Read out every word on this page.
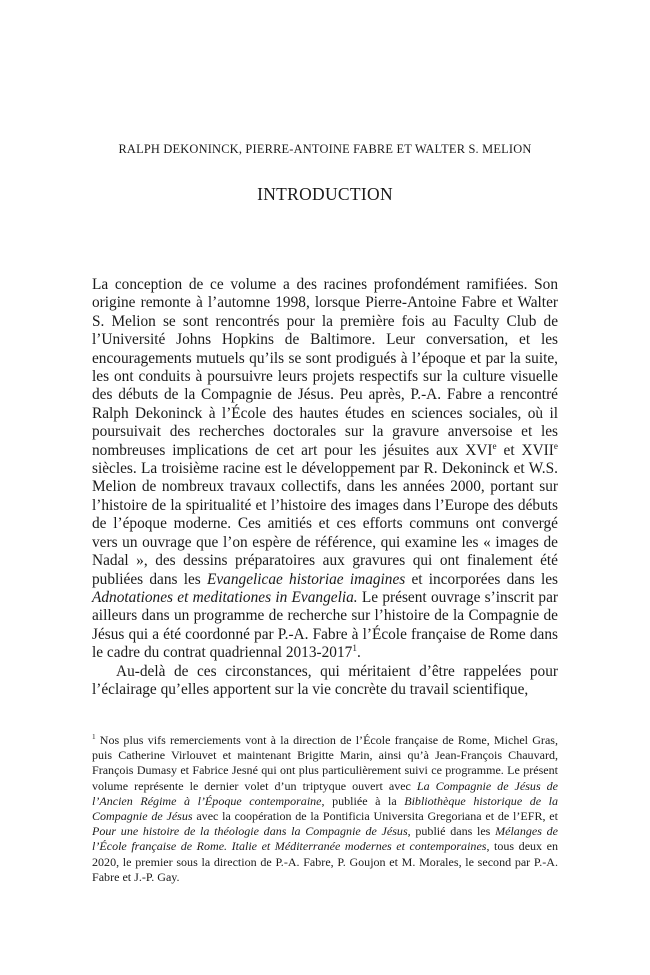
RALPH DEKONINCK, PIERRE-ANTOINE FABRE ET WALTER S. MELION
INTRODUCTION

La conception de ce volume a des racines profondément ramifiées. Son origine remonte à l’automne 1998, lorsque Pierre-Antoine Fabre et Walter S. Melion se sont rencontrés pour la première fois au Faculty Club de l’Université Johns Hopkins de Baltimore. Leur conversation, et les encouragements mutuels qu’ils se sont prodigués à l’époque et par la suite, les ont conduits à poursuivre leurs projets respectifs sur la culture visuelle des débuts de la Compagnie de Jésus. Peu après, P.-A. Fabre a rencontré Ralph Dekoninck à l’École des hautes études en sciences sociales, où il poursuivait des recherches doctorales sur la gravure anversoise et les nombreuses implications de cet art pour les jésuites aux XVIe et XVIIe siècles. La troisième racine est le développement par R. Dekoninck et W.S. Melion de nombreux travaux collectifs, dans les années 2000, portant sur l’histoire de la spiritualité et l’histoire des images dans l’Europe des débuts de l’époque moderne. Ces amitiés et ces efforts communs ont convergé vers un ouvrage que l’on espère de référence, qui examine les « images de Nadal », des dessins préparatoires aux gravures qui ont finalement été publiées dans les Evangelicae historiae imagines et incorporées dans les Adnotationes et meditationes in Evangelia. Le présent ouvrage s’inscrit par ailleurs dans un programme de recherche sur l’histoire de la Compagnie de Jésus qui a été coordonné par P.-A. Fabre à l’École française de Rome dans le cadre du contrat quadriennal 2013-2017$^1$.

Au-delà de ces circonstances, qui méritaient d’être rappelées pour l’éclairage qu’elles apportent sur la vie concrète du travail scientifique,

$^1$ Nos plus vifs remerciements vont à la direction de l’École française de Rome, Michel Gras, puis Catherine Virlouvet et maintenant Brigitte Marin, ainsi qu’à Jean-François Chauvard, François Dumasy et Fabrice Jesné qui ont plus particulièrement suivi ce programme. Le présent volume représente le dernier volet d’un triptyque ouvert avec La Compagnie de Jésus de l’Ancien Régime à l’Époque contemporaine, publiée à la Bibliothèque historique de la Compagnie de Jésus avec la coopération de la Pontificia Universita Gregoriana et de l’EFR, et Pour une histoire de la théologie dans la Compagnie de Jésus, publié dans les Mélanges de l’École française de Rome. Italie et Méditerranée modernes et contemporaines, tous deux en 2020, le premier sous la direction de P.-A. Fabre, P. Goujon et M. Morales, le second par P.-A. Fabre et J.-P. Gay.
